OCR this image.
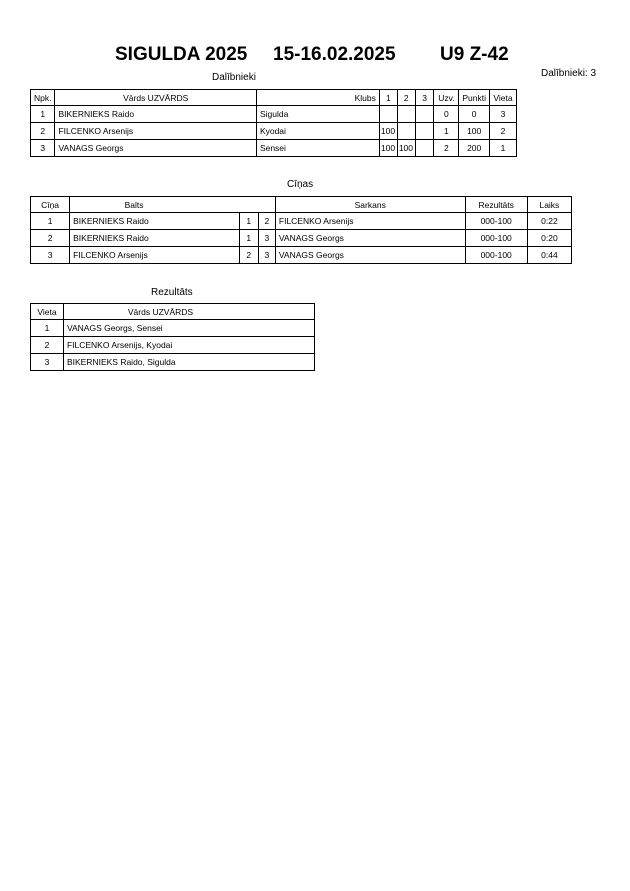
SIGULDA 2025 15-16.02.2025 U9 Z-42
Dalībnieki	Dalībnieki: 3
Npk.	Vārds UZVĀRDS	Klubs	1	2	3	Uzv.	Punkti	Vieta
1	BIKERNIEKS Raido	Sigulda				0	0	3
2	FILCENKO Arsenijs	Kyodai	100			1	100	2
3	VANAGS Georgs	Sensei	100	100		2	200	1
Cīņas
Cīņa	Balts			Sarkans	Rezultāts	Laiks
1	BIKERNIEKS Raido	1	2	FILCENKO Arsenijs	000-100	0:22
2	BIKERNIEKS Raido	1	3	VANAGS Georgs	000-100	0:20
3	FILCENKO Arsenijs	2	3	VANAGS Georgs	000-100	0:44
Rezultāts
Vieta	Vārds UZVĀRDS
1	VANAGS Georgs, Sensei
2	FILCENKO Arsenijs, Kyodai
3	BIKERNIEKS Raido, Sigulda
